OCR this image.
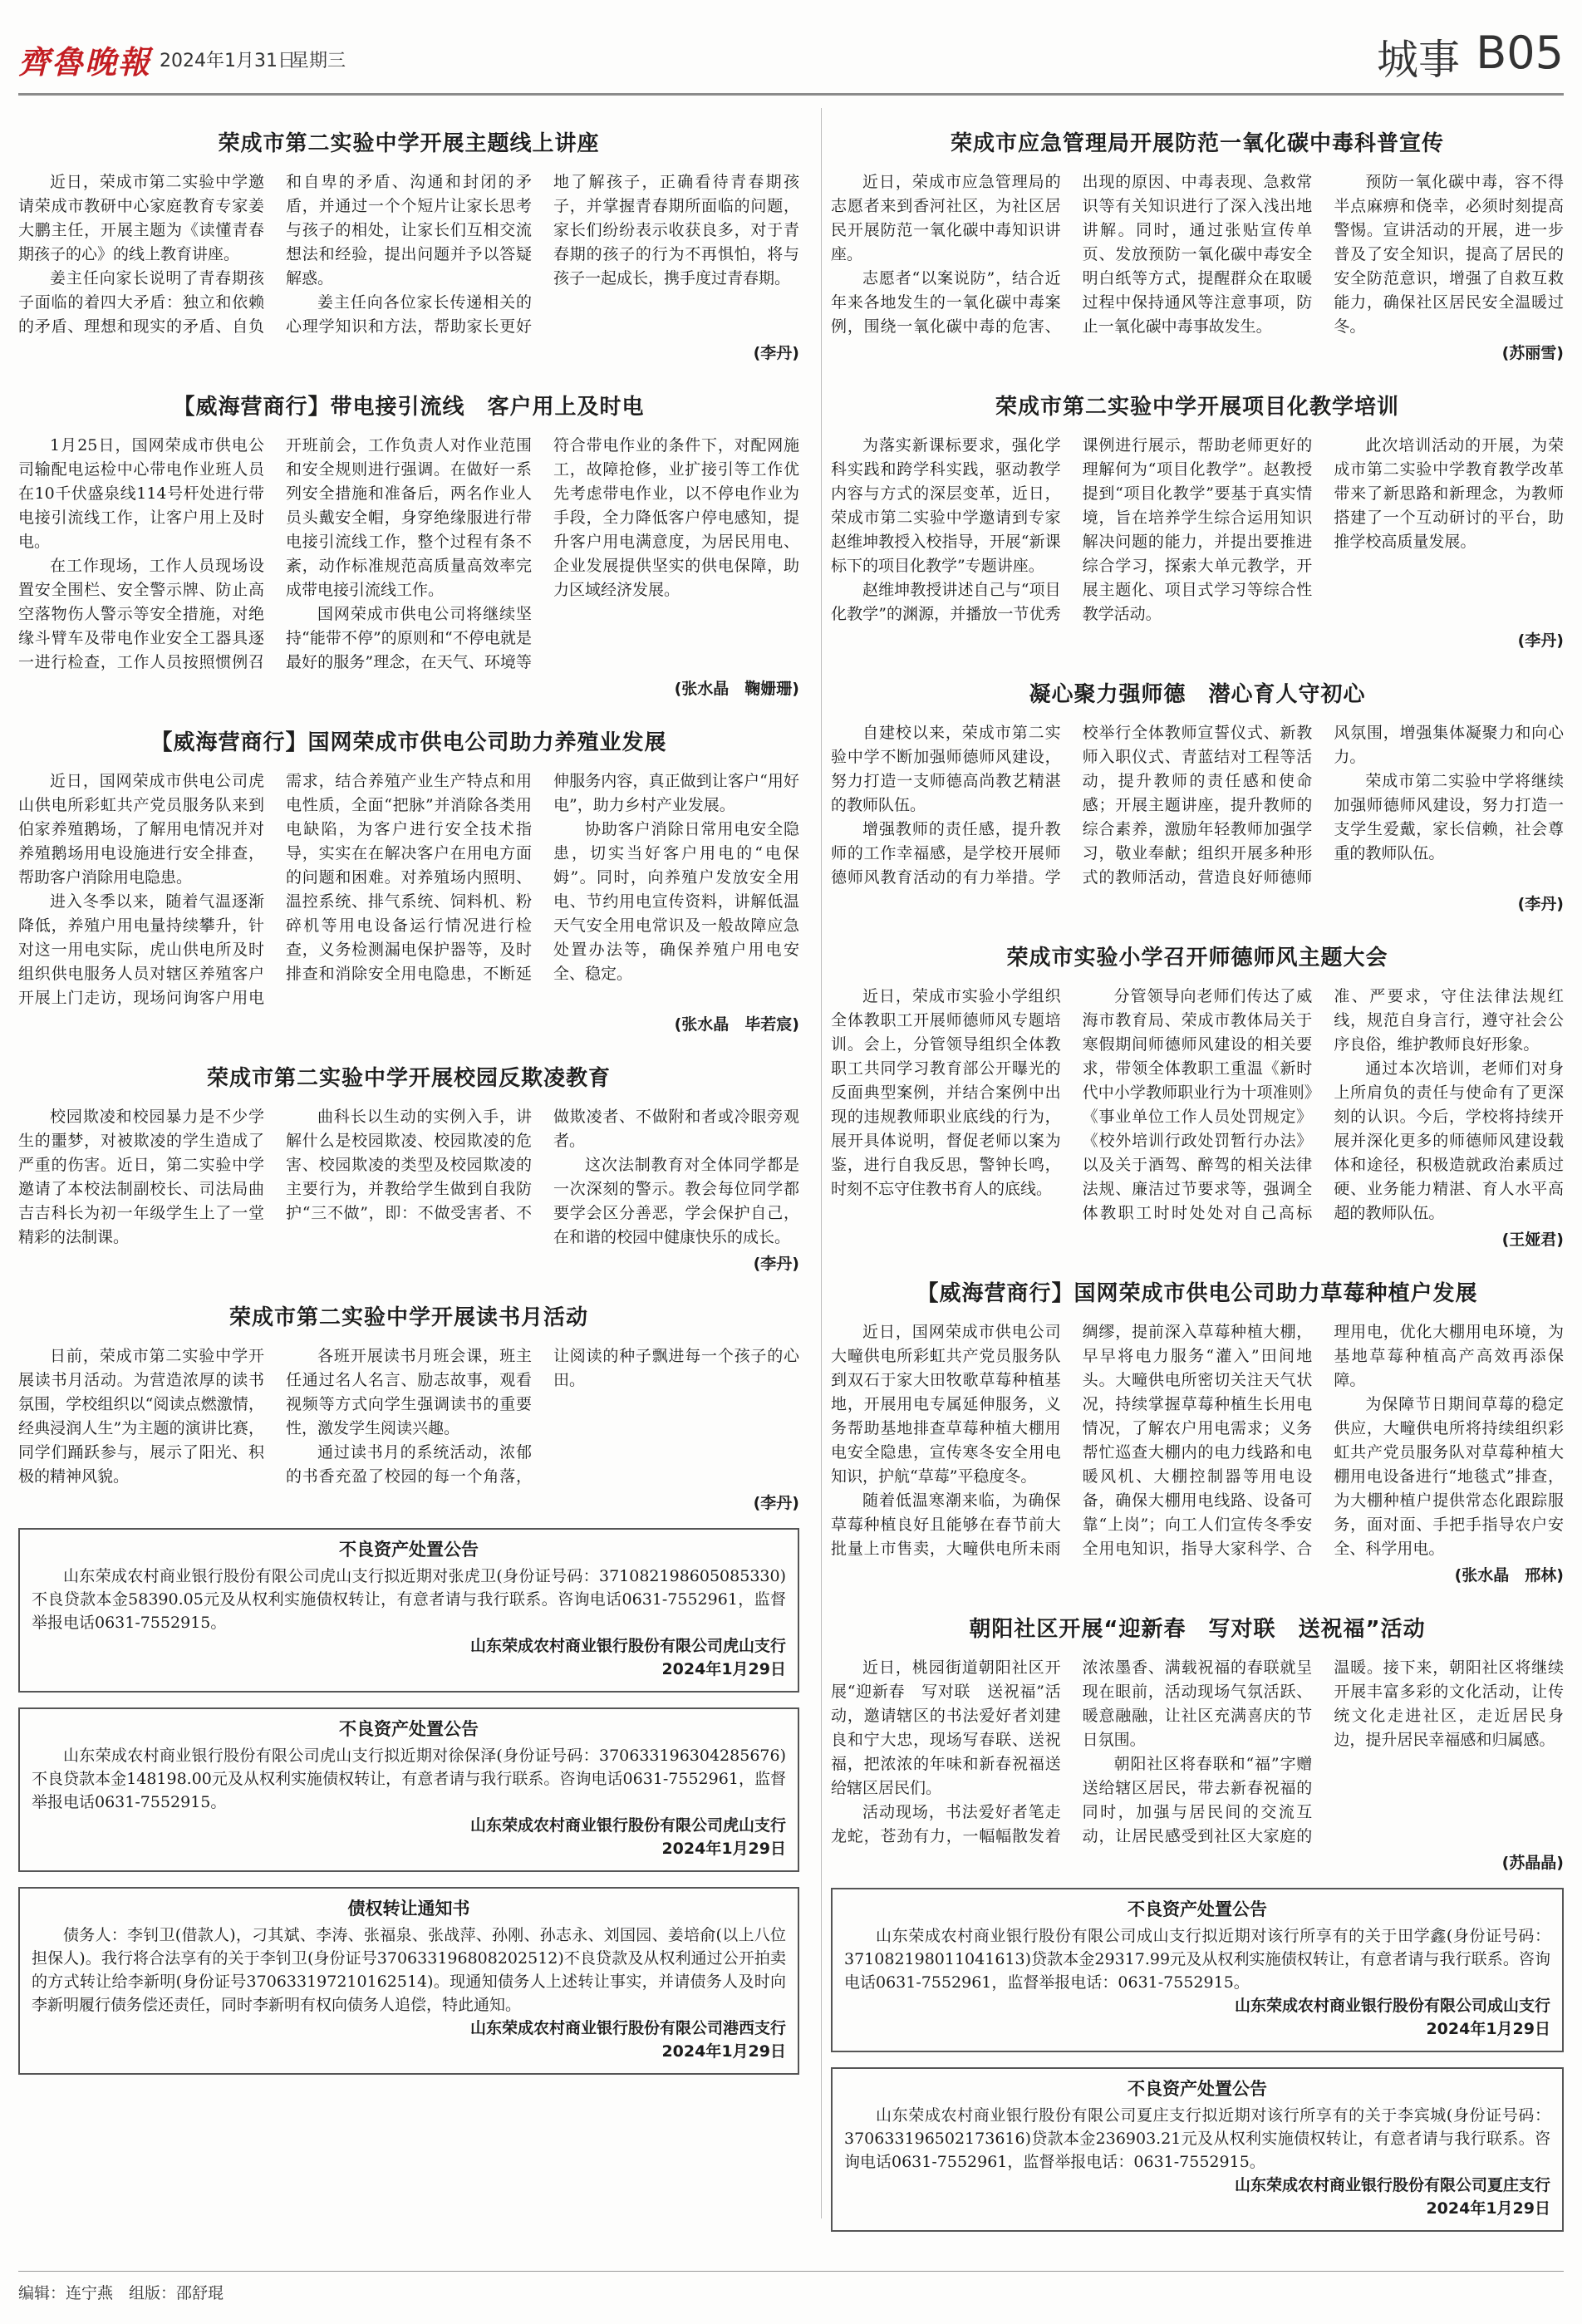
齊魯晚報 2024年1月31日
星期三	城事 B05
荣成市第二实验中学开展主题线上讲座

近日，荣成市第二实验中学邀请荣成市教研中心家庭教育专家姜大鹏主任，开展主题为《读懂青春期孩子的心》的线上教育讲座。

姜主任向家长说明了青春期孩子面临的着四大矛盾：独立和依赖的矛盾、理想和现实的矛盾、自负和自卑的矛盾、沟通和封闭的矛盾，并通过一个个短片让家长思考与孩子的相处，让家长们互相交流想法和经验，提出问题并予以答疑解惑。

姜主任向各位家长传递相关的心理学知识和方法，帮助家长更好地了解孩子，正确看待青春期孩子，并掌握青春期所面临的问题，家长们纷纷表示收获良多，对于青春期的孩子的行为不再惧怕，将与孩子一起成长，携手度过青春期。

(李丹)
【威海营商行】带电接引流线　客户用上及时电

1月25日，国网荣成市供电公司输配电运检中心带电作业班人员在10千伏盛泉线114号杆处进行带电接引流线工作，让客户用上及时电。

在工作现场，工作人员现场设置安全围栏、安全警示牌、防止高空落物伤人警示等安全措施，对绝缘斗臂车及带电作业安全工器具逐一进行检查，工作人员按照惯例召开班前会，工作负责人对作业范围和安全规则进行强调。在做好一系列安全措施和准备后，两名作业人员头戴安全帽，身穿绝缘服进行带电接引流线工作，整个过程有条不紊，动作标准规范高质量高效率完成带电接引流线工作。

国网荣成市供电公司将继续坚持“能带不停”的原则和“不停电就是最好的服务”理念，在天气、环境等符合带电作业的条件下，对配网施工，故障抢修，业扩接引等工作优先考虑带电作业，以不停电作业为手段，全力降低客户停电感知，提升客户用电满意度，为居民用电、企业发展提供坚实的供电保障，助力区域经济发展。

(张水晶　鞠姗珊)
【威海营商行】国网荣成市供电公司助力养殖业发展

近日，国网荣成市供电公司虎山供电所彩虹共产党员服务队来到伯家养殖鹅场，了解用电情况并对养殖鹅场用电设施进行安全排查，帮助客户消除用电隐患。

进入冬季以来，随着气温逐渐降低，养殖户用电量持续攀升，针对这一用电实际，虎山供电所及时组织供电服务人员对辖区养殖客户开展上门走访，现场问询客户用电需求，结合养殖产业生产特点和用电性质，全面“把脉”并消除各类用电缺陷，为客户进行安全技术指导，实实在在解决客户在用电方面的问题和困难。对养殖场内照明、温控系统、排气系统、饲料机、粉碎机等用电设备运行情况进行检查，义务检测漏电保护器等，及时排查和消除安全用电隐患，不断延伸服务内容，真正做到让客户“用好电”，助力乡村产业发展。

协助客户消除日常用电安全隐患，切实当好客户用电的“电保姆”。同时，向养殖户发放安全用电、节约用电宣传资料，讲解低温天气安全用电常识及一般故障应急处置办法等，确保养殖户用电安全、稳定。

(张水晶　毕若宸)
荣成市第二实验中学开展校园反欺凌教育

校园欺凌和校园暴力是不少学生的噩梦，对被欺凌的学生造成了严重的伤害。近日，第二实验中学邀请了本校法制副校长、司法局曲吉吉科长为初一年级学生上了一堂精彩的法制课。

曲科长以生动的实例入手，讲解什么是校园欺凌、校园欺凌的危害、校园欺凌的类型及校园欺凌的主要行为，并教给学生做到自我防护“三不做”，即：不做受害者、不做欺凌者、不做附和者或冷眼旁观者。

这次法制教育对全体同学都是一次深刻的警示。教会每位同学都要学会区分善恶，学会保护自己，在和谐的校园中健康快乐的成长。

(李丹)
荣成市第二实验中学开展读书月活动

日前，荣成市第二实验中学开展读书月活动。为营造浓厚的读书氛围，学校组织以“阅读点燃激情，经典浸润人生”为主题的演讲比赛，同学们踊跃参与，展示了阳光、积极的精神风貌。

各班开展读书月班会课，班主任通过名人名言、励志故事，观看视频等方式向学生强调读书的重要性，激发学生阅读兴趣。

通过读书月的系统活动，浓郁的书香充盈了校园的每一个角落，让阅读的种子飘进每一个孩子的心田。

(李丹)
不良资产处置公告
山东荣成农村商业银行股份有限公司虎山支行拟近期对张虎卫(身份证号码：371082198605085330)不良贷款本金58390.05元及从权利实施债权转让，有意者请与我行联系。咨询电话0631-7552961，监督举报电话0631-7552915。
山东荣成农村商业银行股份有限公司虎山支行
2024年1月29日
不良资产处置公告
山东荣成农村商业银行股份有限公司虎山支行拟近期对徐保泽(身份证号码：370633196304285676)不良贷款本金148198.00元及从权利实施债权转让，有意者请与我行联系。咨询电话0631-7552961，监督举报电话0631-7552915。
山东荣成农村商业银行股份有限公司虎山支行
2024年1月29日
债权转让通知书
债务人：李钊卫(借款人)，刁其斌、李涛、张福泉、张战萍、孙刚、孙志永、刘国园、姜培俞(以上八位担保人)。我行将合法享有的关于李钊卫(身份证号370633196808202512)不良贷款及从权利通过公开拍卖的方式转让给李新明(身份证号370633197210162514)。现通知债务人上述转让事实，并请债务人及时向李新明履行债务偿还责任，同时李新明有权向债务人追偿，特此通知。
山东荣成农村商业银行股份有限公司港西支行
2024年1月29日
荣成市应急管理局开展防范一氧化碳中毒科普宣传

近日，荣成市应急管理局的志愿者来到香河社区，为社区居民开展防范一氧化碳中毒知识讲座。

志愿者“以案说防”，结合近年来各地发生的一氧化碳中毒案例，围绕一氧化碳中毒的危害、出现的原因、中毒表现、急救常识等有关知识进行了深入浅出地讲解。同时，通过张贴宣传单页、发放预防一氧化碳中毒安全明白纸等方式，提醒群众在取暖过程中保持通风等注意事项，防止一氧化碳中毒事故发生。

预防一氧化碳中毒，容不得半点麻痹和侥幸，必须时刻提高警惕。宣讲活动的开展，进一步普及了安全知识，提高了居民的安全防范意识，增强了自救互救能力，确保社区居民安全温暖过冬。

(苏丽雪)
荣成市第二实验中学开展项目化教学培训

为落实新课标要求，强化学科实践和跨学科实践，驱动教学内容与方式的深层变革，近日，荣成市第二实验中学邀请到专家赵维坤教授入校指导，开展“新课标下的项目化教学”专题讲座。

赵维坤教授讲述自己与“项目化教学”的渊源，并播放一节优秀课例进行展示，帮助老师更好的理解何为“项目化教学”。赵教授提到“项目化教学”要基于真实情境，旨在培养学生综合运用知识解决问题的能力，并提出要推进综合学习，探索大单元教学，开展主题化、项目式学习等综合性教学活动。

此次培训活动的开展，为荣成市第二实验中学教育教学改革带来了新思路和新理念，为教师搭建了一个互动研讨的平台，助推学校高质量发展。

(李丹)
凝心聚力强师德　潜心育人守初心

自建校以来，荣成市第二实验中学不断加强师德师风建设，努力打造一支师德高尚教艺精湛的教师队伍。

增强教师的责任感，提升教师的工作幸福感，是学校开展师德师风教育活动的有力举措。学校举行全体教师宣誓仪式、新教师入职仪式、青蓝结对工程等活动，提升教师的责任感和使命感；开展主题讲座，提升教师的综合素养，激励年轻教师加强学习，敬业奉献；组织开展多种形式的教师活动，营造良好师德师风氛围，增强集体凝聚力和向心力。

荣成市第二实验中学将继续加强师德师风建设，努力打造一支学生爱戴，家长信赖，社会尊重的教师队伍。

(李丹)
荣成市实验小学召开师德师风主题大会

近日，荣成市实验小学组织全体教职工开展师德师风专题培训。会上，分管领导组织全体教职工共同学习教育部公开曝光的反面典型案例，并结合案例中出现的违规教师职业底线的行为，展开具体说明，督促老师以案为鉴，进行自我反思，警钟长鸣，时刻不忘守住教书育人的底线。

分管领导向老师们传达了威海市教育局、荣成市教体局关于寒假期间师德师风建设的相关要求，带领全体教职工重温《新时代中小学教师职业行为十项准则》《事业单位工作人员处罚规定》《校外培训行政处罚暂行办法》以及关于酒驾、醉驾的相关法律法规、廉洁过节要求等，强调全体教职工时时处处对自己高标准、严要求，守住法律法规红线，规范自身言行，遵守社会公序良俗，维护教师良好形象。

通过本次培训，老师们对身上所肩负的责任与使命有了更深刻的认识。今后，学校将持续开展并深化更多的师德师风建设载体和途径，积极造就政治素质过硬、业务能力精湛、育人水平高超的教师队伍。

(王娅君)
【威海营商行】国网荣成市供电公司助力草莓种植户发展

近日，国网荣成市供电公司大疃供电所彩虹共产党员服务队到双石于家大田牧歌草莓种植基地，开展用电专属延伸服务，义务帮助基地排查草莓种植大棚用电安全隐患，宣传寒冬安全用电知识，护航“草莓”平稳度冬。

随着低温寒潮来临，为确保草莓种植良好且能够在春节前大批量上市售卖，大疃供电所未雨绸缪，提前深入草莓种植大棚，早早将电力服务“灌入”田间地头。大疃供电所密切关注天气状况，持续掌握草莓种植生长用电情况，了解农户用电需求；义务帮忙巡查大棚内的电力线路和电暖风机、大棚控制器等用电设备，确保大棚用电线路、设备可靠“上岗”；向工人们宣传冬季安全用电知识，指导大家科学、合理用电，优化大棚用电环境，为基地草莓种植高产高效再添保障。

为保障节日期间草莓的稳定供应，大疃供电所将持续组织彩虹共产党员服务队对草莓种植大棚用电设备进行“地毯式”排查，为大棚种植户提供常态化跟踪服务，面对面、手把手指导农户安全、科学用电。

(张水晶　邢林)
朝阳社区开展“迎新春　写对联　送祝福”活动

近日，桃园街道朝阳社区开展“迎新春　写对联　送祝福”活动，邀请辖区的书法爱好者刘建良和宁大忠，现场写春联、送祝福，把浓浓的年味和新春祝福送给辖区居民们。

活动现场，书法爱好者笔走龙蛇，苍劲有力，一幅幅散发着浓浓墨香、满载祝福的春联就呈现在眼前，活动现场气氛活跃、暖意融融，让社区充满喜庆的节日氛围。

朝阳社区将春联和“福”字赠送给辖区居民，带去新春祝福的同时，加强与居民间的交流互动，让居民感受到社区大家庭的温暖。接下来，朝阳社区将继续开展丰富多彩的文化活动，让传统文化走进社区，走近居民身边，提升居民幸福感和归属感。

(苏晶晶)
不良资产处置公告
山东荣成农村商业银行股份有限公司成山支行拟近期对该行所享有的关于田学鑫(身份证号码：371082198011041613)贷款本金29317.99元及从权利实施债权转让，有意者请与我行联系。咨询电话0631-7552961，监督举报电话：0631-7552915。
山东荣成农村商业银行股份有限公司成山支行
2024年1月29日
不良资产处置公告
山东荣成农村商业银行股份有限公司夏庄支行拟近期对该行所享有的关于李宾城(身份证号码：370633196502173616)贷款本金236903.21元及从权利实施债权转让，有意者请与我行联系。咨询电话0631-7552961，监督举报电话：0631-7552915。
山东荣成农村商业银行股份有限公司夏庄支行
2024年1月29日
编辑：连宁燕　组版：邵舒琨
